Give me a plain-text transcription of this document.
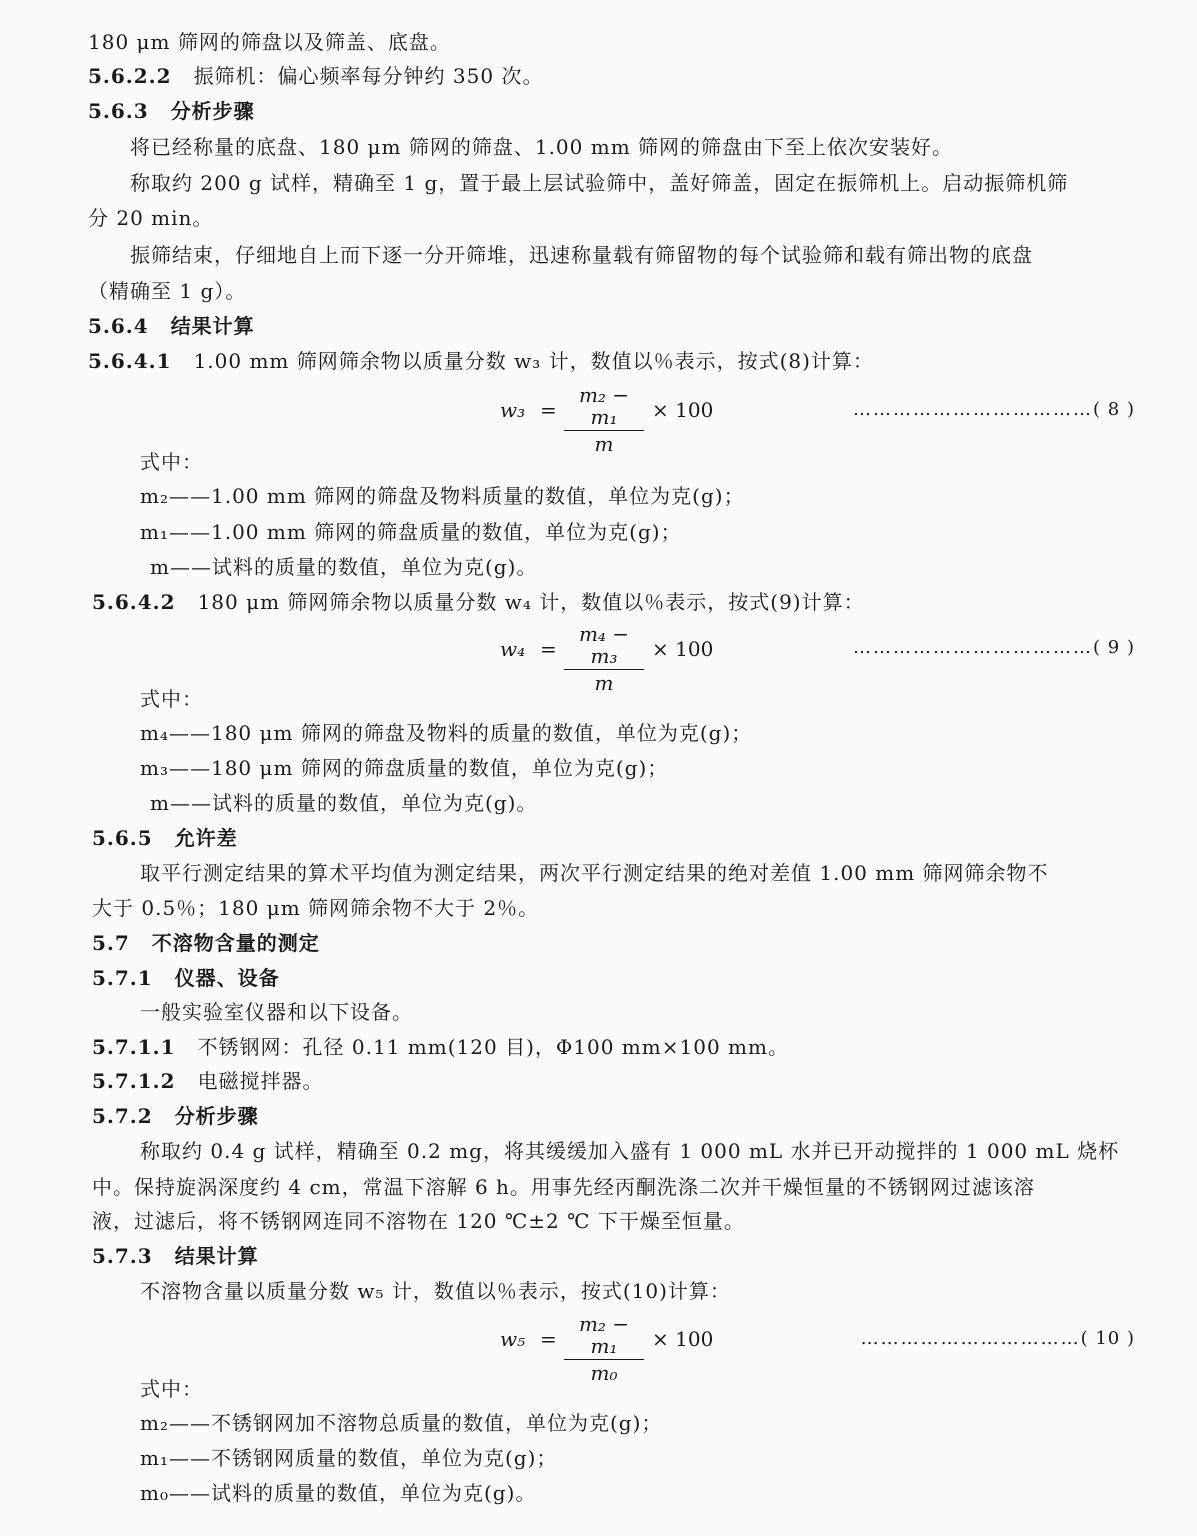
180 μm 筛网的筛盘以及筛盖、底盘。
5.6.2.2 振筛机：偏心频率每分钟约 350 次。
5.6.3 分析步骤
将已经称量的底盘、180 μm 筛网的筛盘、1.00 mm 筛网的筛盘由下至上依次安装好。
称取约 200 g 试样，精确至 1 g，置于最上层试验筛中，盖好筛盖，固定在振筛机上。启动振筛机筛
分 20 min。
振筛结束，仔细地自上而下逐一分开筛堆，迅速称量载有筛留物的每个试验筛和载有筛出物的底盘
（精确至 1 g）。
5.6.4 结果计算
5.6.4.1 1.00 mm 筛网筛余物以质量分数 w₃ 计，数值以％表示，按式(8)计算：
w₃ =
m₂ − m₁
m
× 100	………………………………( 8 )
式中：
m₂——1.00 mm 筛网的筛盘及物料质量的数值，单位为克(g)；
m₁——1.00 mm 筛网的筛盘质量的数值，单位为克(g)；
m——试料的质量的数值，单位为克(g)。
5.6.4.2 180 μm 筛网筛余物以质量分数 w₄ 计，数值以％表示，按式(9)计算：
w₄ =
m₄ − m₃
m
× 100	………………………………( 9 )
式中：
m₄——180 μm 筛网的筛盘及物料的质量的数值，单位为克(g)；
m₃——180 μm 筛网的筛盘质量的数值，单位为克(g)；
m——试料的质量的数值，单位为克(g)。
5.6.5 允许差
取平行测定结果的算术平均值为测定结果，两次平行测定结果的绝对差值 1.00 mm 筛网筛余物不
大于 0.5％；180 μm 筛网筛余物不大于 2％。
5.7 不溶物含量的测定
5.7.1 仪器、设备
一般实验室仪器和以下设备。
5.7.1.1 不锈钢网：孔径 0.11 mm(120 目)，Φ100 mm×100 mm。
5.7.1.2 电磁搅拌器。
5.7.2 分析步骤
称取约 0.4 g 试样，精确至 0.2 mg，将其缓缓加入盛有 1 000 mL 水并已开动搅拌的 1 000 mL 烧杯
中。保持旋涡深度约 4 cm，常温下溶解 6 h。用事先经丙酮洗涤二次并干燥恒量的不锈钢网过滤该溶
液，过滤后，将不锈钢网连同不溶物在 120 ℃±2 ℃ 下干燥至恒量。
5.7.3 结果计算
不溶物含量以质量分数 w₅ 计，数值以％表示，按式(10)计算：
w₅ =
m₂ − m₁
m₀
× 100	……………………………( 10 )
式中：
m₂——不锈钢网加不溶物总质量的数值，单位为克(g)；
m₁——不锈钢网质量的数值，单位为克(g)；
m₀——试料的质量的数值，单位为克(g)。
